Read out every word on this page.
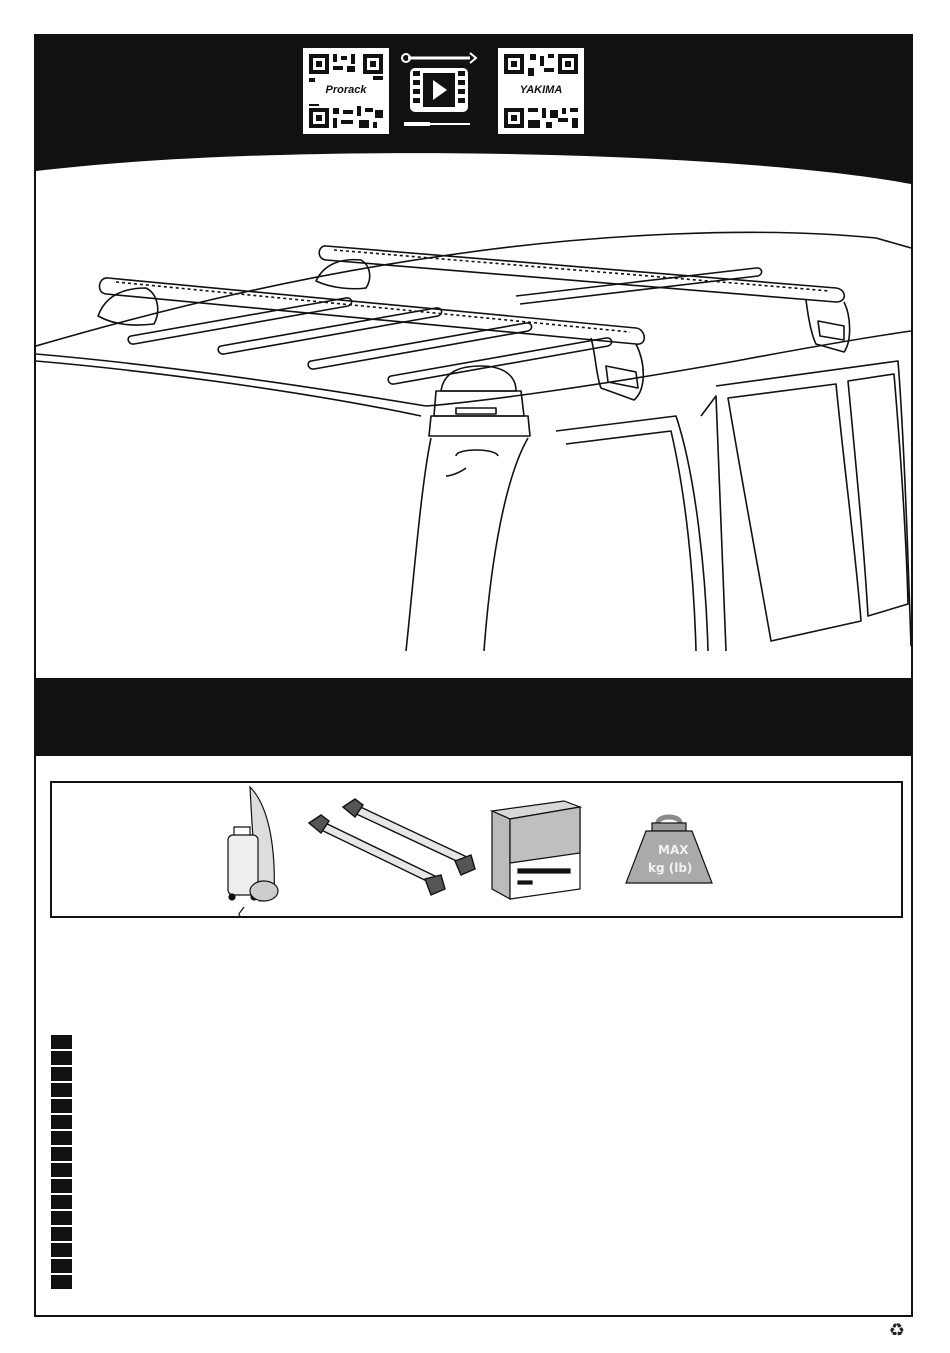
Prorack	YAKIMA
MAX
kg (lb)
♻
